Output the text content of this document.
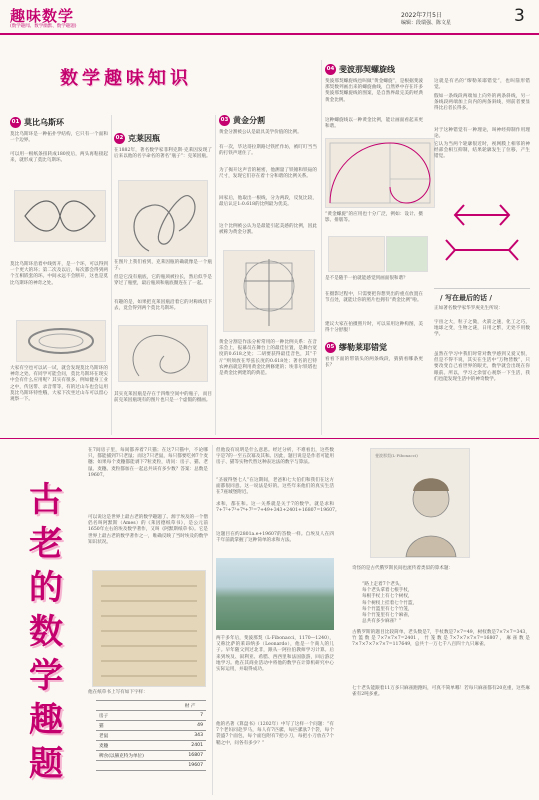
趣味数学
(数学趣闻、数学幽默、数学趣题)
2022年7月5日
编辑：段瑞强、陈文星	3
数学趣味知识
01 莫比乌斯环
莫比乌斯环是一种拓扑学结构，它只有一个面和一个边界。
可以用一根纸条扭转成180度后，两头再粘接起来，就形成了莫比乌斯环。
莫比乌斯环沿着中线剪开，是一个环，可以得到一个更大的环；第二次及以后，每次都会得到两个互相嵌套的环。中间永远不会断开，这也是莫比乌斯环的神奇之处。
大家有空也可以试一试，就会发现莫比乌斯环的神奇之处。有同学可能会问，莫比乌斯环在现实中会有什么应用呢？其实有很多，例如健身工业之中，传送带、录音带等，有的过山车也会运用莫比乌斯环特性哦，大家下次坐过山车可以留心观察一下。
02 克莱因瓶
在1882年，著名数学家菲利克斯·克莱因发现了后来以他的名字命名的著名“瓶子”：克莱因瓶。
在图片上我们看到，克莱因瓶的确就像是一个瓶子。
但是它没有瓶底，它的瓶颈被拉长，然后似乎是穿过了瓶壁，最后瓶颈和瓶底圈连在了一起。
有趣的是，如果把克莱因瓶沿着它的对称线切下去，竟会得到两个莫比乌斯环。
其实克莱因瓶是存在于四维空间中的瓶子，而目前克莱因瓶现有的图片也只是一个虚假的摄画。
03 黄金分割
黄金分割被公认是最具美学价值的比例。
有一次，毕达哥拉斯路过铁匠作坊，被叮叮当当的打铁声迷住了。
为了揭开这声音的秘密，他测量了铁锤和铁砧的尺寸，发现它们存在着十分和谐的比例关系。
回家后，他取出一根线，分为两段，反复比较，最后认定1:0.618的比例最为优美。
这个比例被公认为是最能引起美感的比例，因此被称为黄金分割。
黄金分割是作法分析常用的一种比例关系：在音乐会上，报幕员在舞台上的最佳位置，是舞台宽度的0.618之处；二胡要获得最佳音色，其“千斤”则须放在琴弦长度的0.618处；著名的巴特农神庙就是利用黄金比例修建的；埃菲尔铁塔也是黄金比例建筑的典范。
04 斐波那契螺旋线
斐波那契螺旋线也叫做“黄金螺旋”，是根据斐波那契数列画出来的螺旋曲线，自然界中存在许多斐波那契螺旋线的图案，是自然界最完美的经典黄金比例。
这种螺旋线以一种黄金比例，能让画面看起来更和谐。
“黄金螺旋”的应用也十分广泛，例如：设计、摄影、排版等。
是不是随手一拍就能感觉到画面很和谐？
在摄影过程中，只需要把你想突出的重点放置在节点处，就能让你的照片也拥有“黄金比例”啦。
建议大家在拍摄照片时，可以采用这种构图，美得十分舒服！
05 缪勒莱耶错觉
看看下面的带箭头的两条线段，猜猜看哪条更长？
这就是有名的“缪勒莱耶错觉”，也叫箭形错觉。
假如一条线段两端加上向外的两条斜线，另一条线段两端加上向内的两条斜线，则前者要显得比后者长得多。
对于这种错觉有一种理论，叫神经抑制作用理论。
它认为当两个轮廓很近时，视网膜上相邻的神经部会相互抑制，结果轮廓发生了位移，产生错觉。
/ 写在最后的话 /
正如著名数学家华罗庚先生所说：
宇宙之大，粒子之微，火箭之速，化工之巧，地球之变，生物之谜，日用之繁，无处不用数学。
虽然在学习中我们时常对数学感到又爱又恨，但是不得不说，其实在生活中“万物皆数”，只要改变自己看世界的眼光，数学就会出现在你眼前。所以，学习之余留心观察一下生活，我们也能发现生活中的神奇数学。
古
老
的
数
学
趣
题
在7间房子里，每间都养着7只猫；在这7只猫中，不论哪只，都能捕到7只老鼠；而这7只老鼠，每只都要吃掉7个麦穗；如果每个麦穗都能剥下7粒麦粒，请问：房子、猫、老鼠、麦穗、麦粒都加在一起总共该有多少数？答案：总数是19607。
可以说这是世界上最古老的数学趣题了。源于埃及的一个僧侣名叫阿默斯（Ames）的《莱因德纸草书》，是公元前1650年左右的埃及数学著作，又叫《阿默斯纸草书》。它是世界上最古老的数学著作之一，唯确反映了当时埃及的数学知识状况。
他在纸草书上写有如下字样：
	财 产
房子	7
猫	49
老鼠	343
麦穗	2401
稗食(以赫克特为单位)	16807
	19607
但他没有说明是什么意思。经过分析，不难看出，这些数字是7的一至五次幂及其和。因此，题目说是是作者可能用房子、猫等实物代替这种表达法的数字与算法。
“圣彼得堡七人”在这期间，老爸和七大伯们和我们在这方面都很同意。这一说法是好的。这些年来他们的真实生活在7座城堡附近。
求和，都在和。这一关系就是关于7的数学。就是求和7+7²+7³+7⁴+7⁵=7+49+343+2401+16807=19607。
这题目在约2801a.e+19607的答数一样。自埃及人在四千年前就掌握了这种简单的求和方法。
两千多年后，斐波那契（L·Fibonacci，1170—1240），又称比萨的莱昂纳多（Leonardo），他是一个商人的儿子。早年随父到过北非，跟从一阿拉伯教师学习计算。后来到埃及、叙利亚、希腊、西西里和法国旅游，回后游泛地学习。他在其商业活动中将他的数学在计算机研究中心实际运用，并取得成功。
他的名著《算盘书》（1202年）中写了这样一个问题：“有7个老妇同赴罗马，每人有7匹骡，每匹骡驮7个袋，每个袋盛7个面包，每个面包附有7把小刀，每把小刀放在7个鞘之中，问各有多少？”
斐波那契(L·Fibonacci)
奇怪的是古代俄罗斯民间也流传着类似的算术题：
“路上走着7个老头，
每个老头拿着七根手杖，
每根手杖上有七个树杈，
每个树杈上挂着七个竹篮，
每个竹篮里有七个竹笼，
每个竹笼里有七个麻雀，
总共有多少麻雀？”
古俄罗斯的题目比较简单，老头数是7，手杖数是7×7=49，树杈数是7×7×7=343，竹篮数是7×7×7×7=2401，竹笼数是7×7×7×7×7=16807，麻雀数是7×7×7×7×7×7=117649，总共十一万七千八百四十九只麻雀。
七十老头能跟着11万多只麻雀跑跑吗，可真不简单哪！若每只麻雀都有20克重，这些麻雀有2吨多重。
